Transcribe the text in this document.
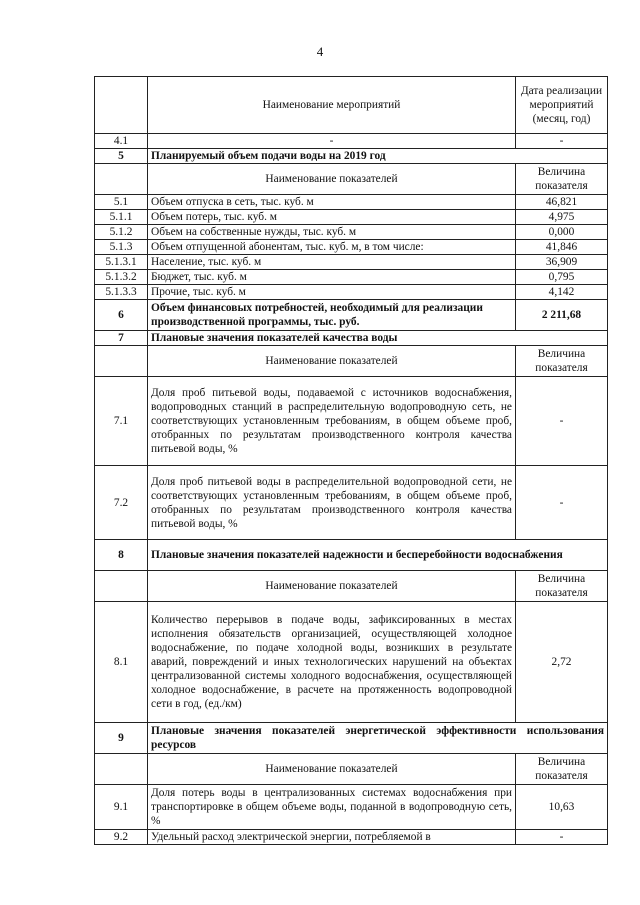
4
	Наименование мероприятий	Дата реализации мероприятий (месяц, год)
4.1	-	-
5	Планируемый объем подачи воды на 2019 год	
	Наименование показателей	Величина показателя
5.1	Объем отпуска в сеть, тыс. куб. м	46,821
5.1.1	Объем потерь, тыс. куб. м	4,975
5.1.2	Объем на собственные нужды, тыс. куб. м	0,000
5.1.3	Объем отпущенной абонентам, тыс. куб. м, в том числе:	41,846
5.1.3.1	Население, тыс. куб. м	36,909
5.1.3.2	Бюджет, тыс. куб. м	0,795
5.1.3.3	Прочие, тыс. куб. м	4,142
6	Объем финансовых потребностей, необходимый для реализации производственной программы, тыс. руб.	2 211,68
7	Плановые значения показателей качества воды	
	Наименование показателей	Величина показателя
7.1	Доля проб питьевой воды, подаваемой с источников водоснабжения, водопроводных станций в распределительную водопроводную сеть, не соответствующих установленным требованиям, в общем объеме проб, отобранных по результатам производственного контроля качества питьевой воды, %	-
7.2	Доля проб питьевой воды в распределительной водопроводной сети, не соответствующих установленным требованиям, в общем объеме проб, отобранных по результатам производственного контроля качества питьевой воды, %	-
8	Плановые значения показателей надежности и бесперебойности водоснабжения	
	Наименование показателей	Величина показателя
8.1	Количество перерывов в подаче воды, зафиксированных в местах исполнения обязательств организацией, осуществляющей холодное водоснабжение, по подаче холодной воды, возникших в результате аварий, повреждений и иных технологических нарушений на объектах централизованной системы холодного водоснабжения, осуществляющей холодное водоснабжение, в расчете на протяженность водопроводной сети в год, (ед./км)	2,72
9	Плановые значения показателей энергетической эффективности использования ресурсов	
	Наименование показателей	Величина показателя
9.1	Доля потерь воды в централизованных системах водоснабжения при транспортировке в общем объеме воды, поданной в водопроводную сеть, %	10,63
9.2	Удельный расход электрической энергии, потребляемой в	-
